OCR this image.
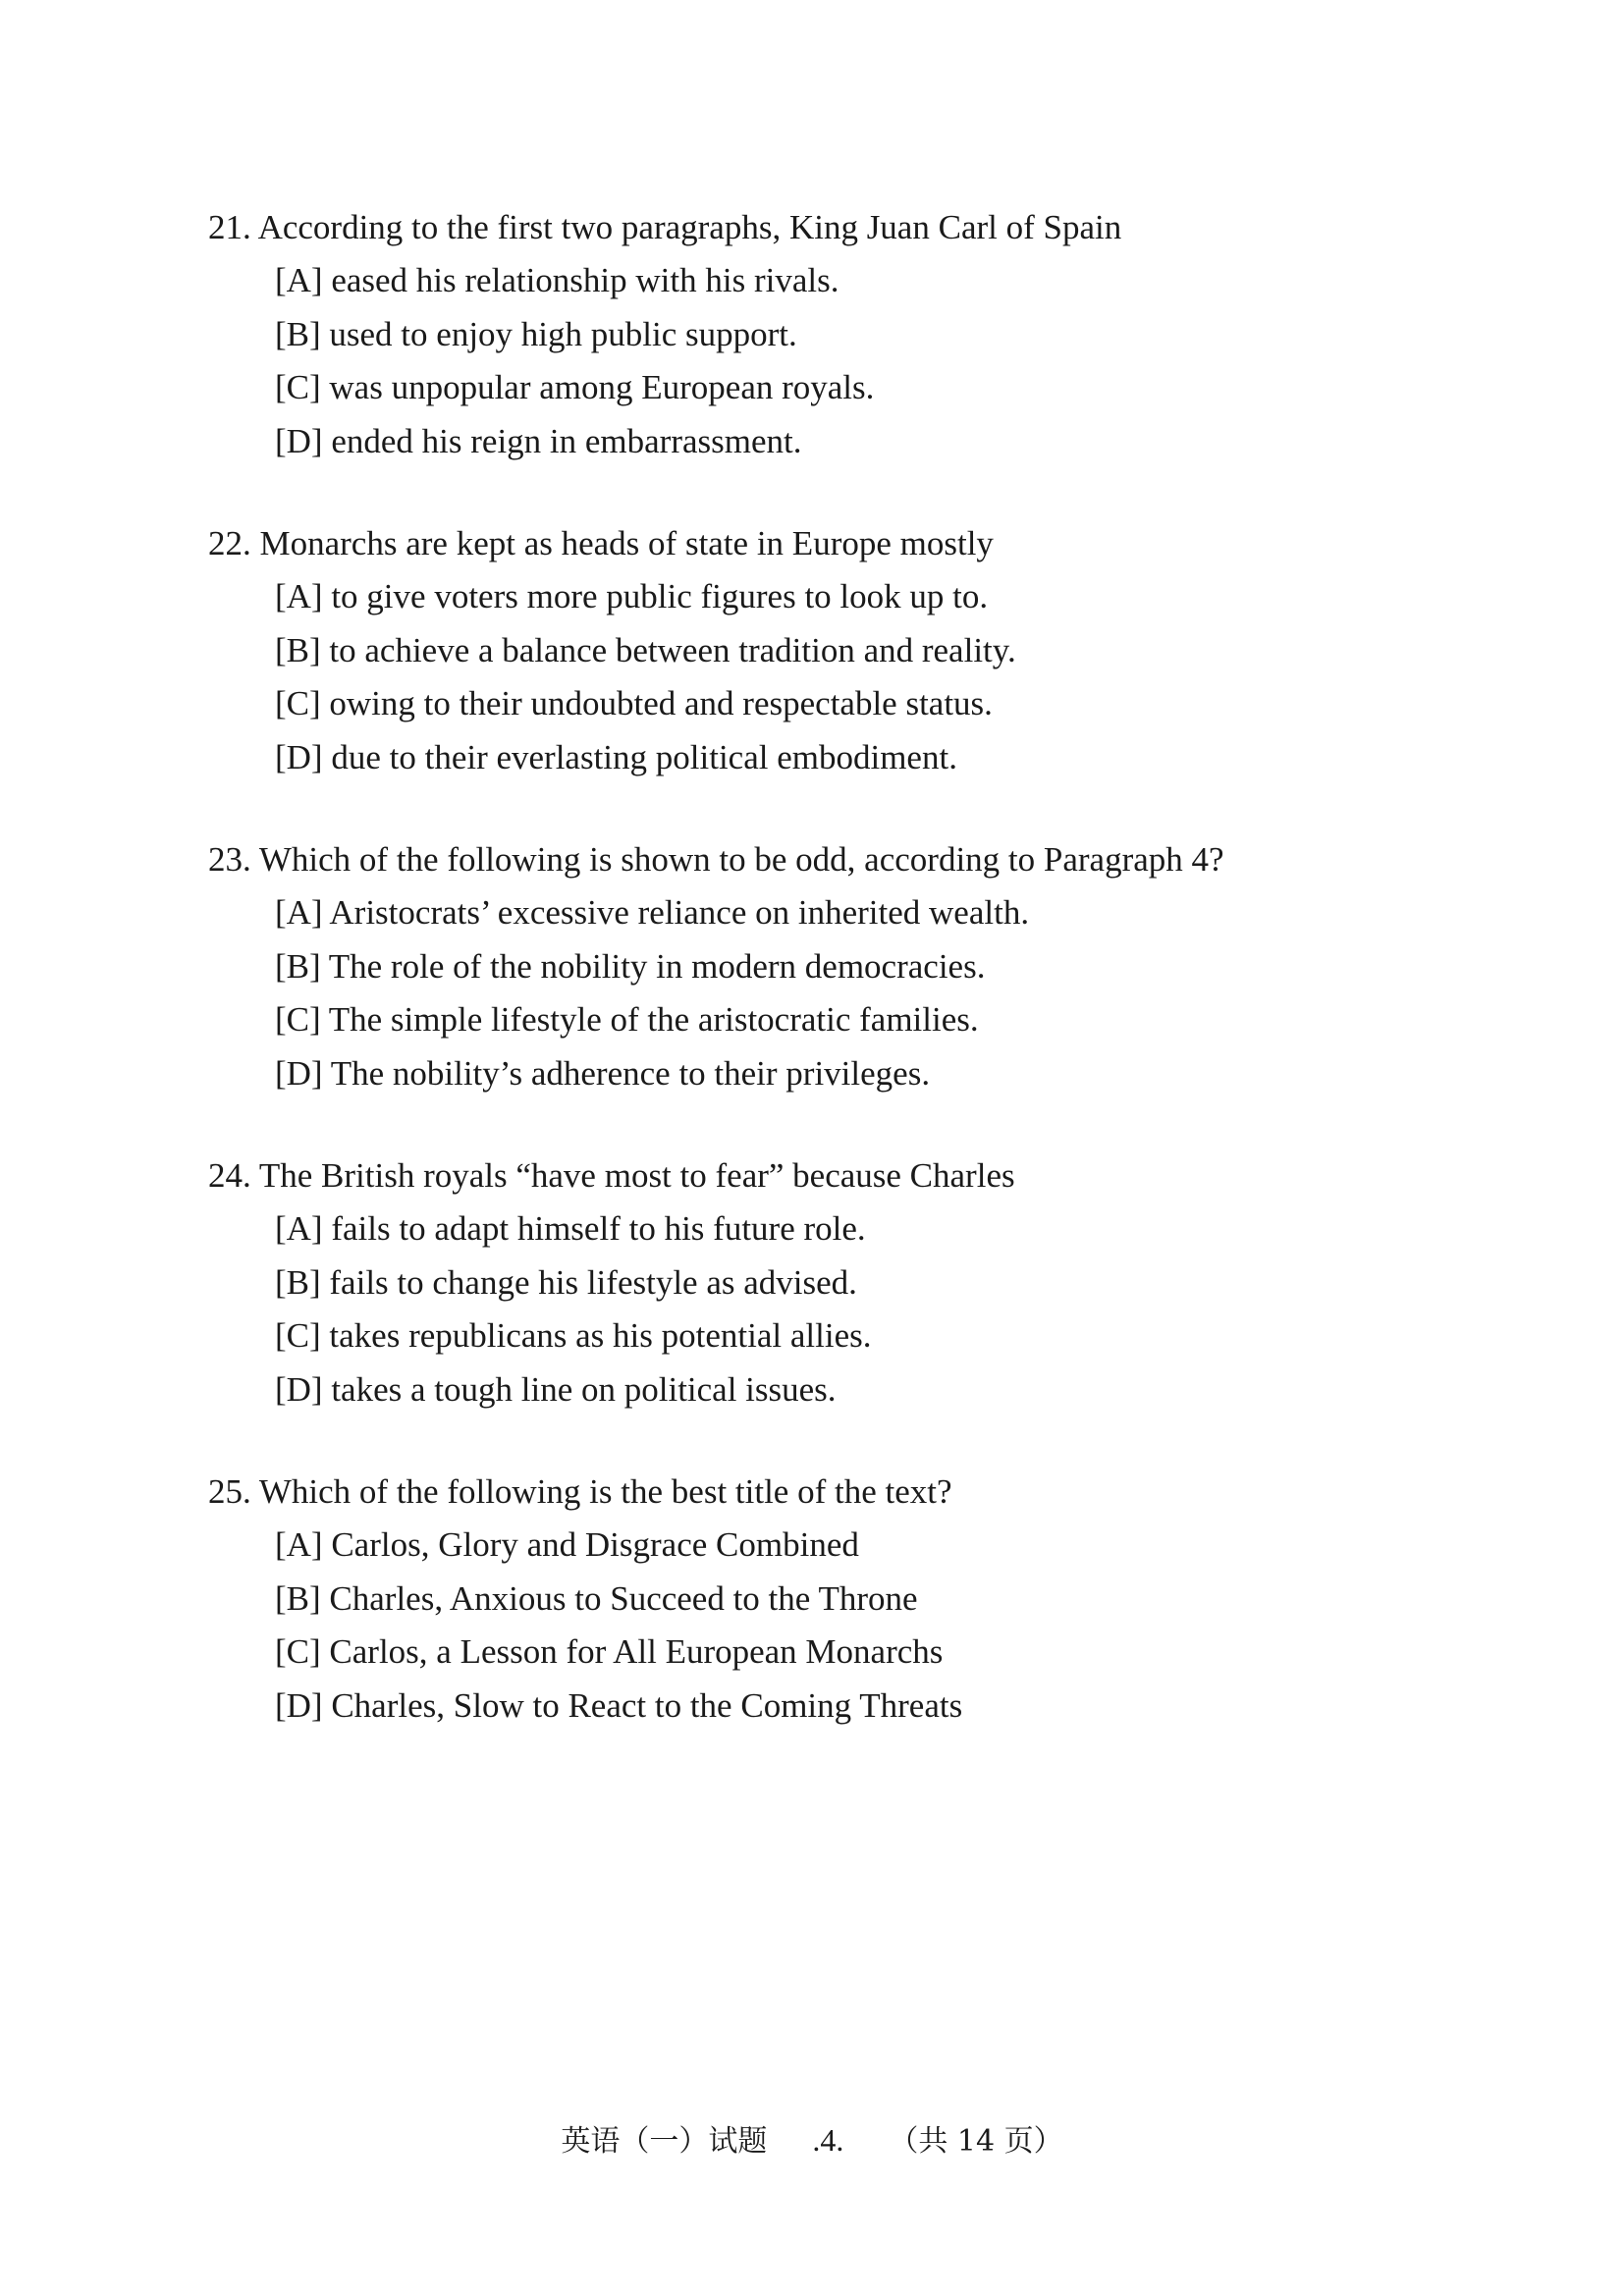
21. According to the first two paragraphs, King Juan Carl of Spain
[A] eased his relationship with his rivals.
[B] used to enjoy high public support.
[C] was unpopular among European royals.
[D] ended his reign in embarrassment.
22. Monarchs are kept as heads of state in Europe mostly
[A] to give voters more public figures to look up to.
[B] to achieve a balance between tradition and reality.
[C] owing to their undoubted and respectable status.
[D] due to their everlasting political embodiment.
23. Which of the following is shown to be odd, according to Paragraph 4?
[A] Aristocrats’ excessive reliance on inherited wealth.
[B] The role of the nobility in modern democracies.
[C] The simple lifestyle of the aristocratic families.
[D] The nobility’s adherence to their privileges.
24. The British royals “have most to fear” because Charles
[A] fails to adapt himself to his future role.
[B] fails to change his lifestyle as advised.
[C] takes republicans as his potential allies.
[D] takes a tough line on political issues.
25. Which of the following is the best title of the text?
[A] Carlos, Glory and Disgrace Combined
[B] Charles, Anxious to Succeed to the Throne
[C] Carlos, a Lesson for All European Monarchs
[D] Charles, Slow to React to the Coming Threats
英语（一）试题 .4. （共 14 页）
